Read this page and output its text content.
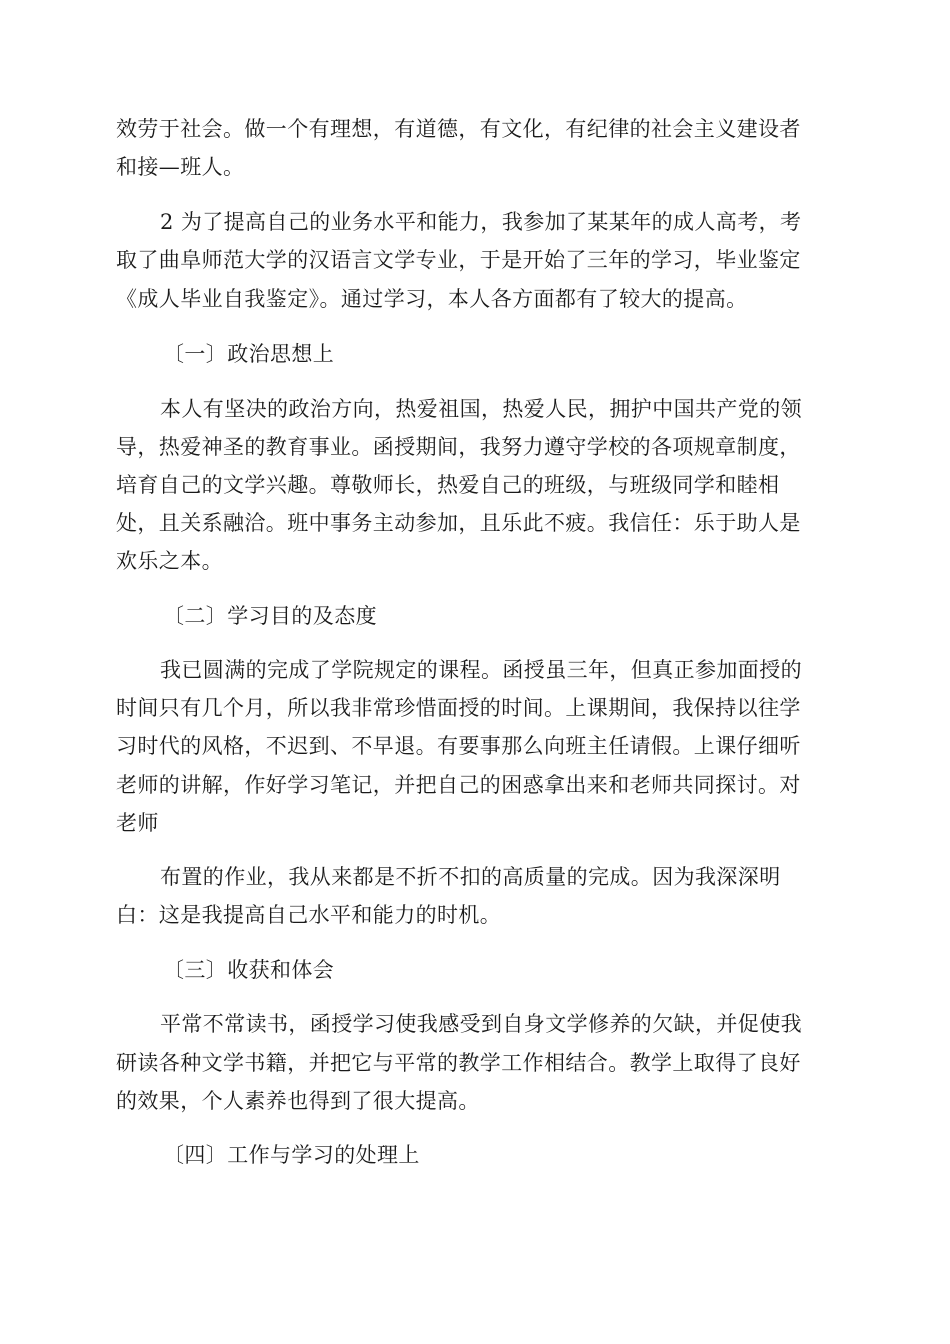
效劳于社会。做一个有理想，有道德，有文化，有纪律的社会主义建设者
和接—班人。
2 为了提高自己的业务水平和能力，我参加了某某年的成人高考，考
取了曲阜师范大学的汉语言文学专业，于是开始了三年的学习，毕业鉴定
《成人毕业自我鉴定》。通过学习，本人各方面都有了较大的提高。
〔一〕政治思想上
本人有坚决的政治方向，热爱祖国，热爱人民，拥护中国共产党的领
导，热爱神圣的教育事业。函授期间，我努力遵守学校的各项规章制度，
培育自己的文学兴趣。尊敬师长，热爱自己的班级，与班级同学和睦相
处，且关系融洽。班中事务主动参加，且乐此不疲。我信任：乐于助人是
欢乐之本。
〔二〕学习目的及态度
我已圆满的完成了学院规定的课程。函授虽三年，但真正参加面授的
时间只有几个月，所以我非常珍惜面授的时间。上课期间，我保持以往学
习时代的风格，不迟到、不早退。有要事那么向班主任请假。上课仔细听
老师的讲解，作好学习笔记，并把自己的困惑拿出来和老师共同探讨。对
老师
布置的作业，我从来都是不折不扣的高质量的完成。因为我深深明
白：这是我提高自己水平和能力的时机。
〔三〕收获和体会
平常不常读书，函授学习使我感受到自身文学修养的欠缺，并促使我
研读各种文学书籍，并把它与平常的教学工作相结合。教学上取得了良好
的效果，个人素养也得到了很大提高。
〔四〕工作与学习的处理上
